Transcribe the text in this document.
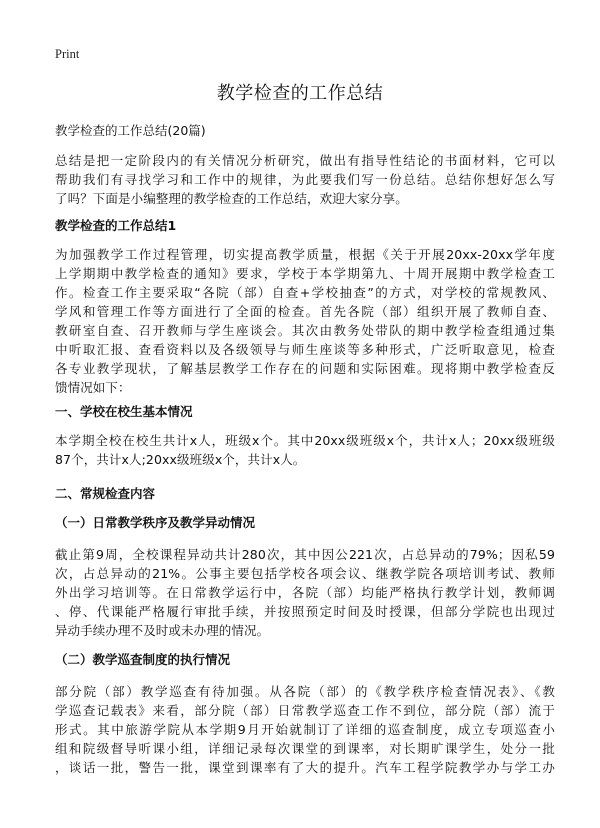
Print
教学检查的工作总结

教学检查的工作总结(20篇)

总结是把一定阶段内的有关情况分析研究，做出有指导性结论的书面材料，它可以
帮助我们有寻找学习和工作中的规律，为此要我们写一份总结。总结你想好怎么写
了吗？下面是小编整理的教学检查的工作总结，欢迎大家分享。

教学检查的工作总结1

为加强教学工作过程管理，切实提高教学质量，根据《关于开展20xx-20xx学年度
上学期期中教学检查的通知》要求，学校于本学期第九、十周开展期中教学检查工
作。检查工作主要采取“各院（部）自查+学校抽查”的方式，对学校的常规教风、
学风和管理工作等方面进行了全面的检查。首先各院（部）组织开展了教师自查、
教研室自查、召开教师与学生座谈会。其次由教务处带队的期中教学检查组通过集
中听取汇报、查看资料以及各级领导与师生座谈等多种形式，广泛听取意见，检查
各专业教学现状，了解基层教学工作存在的问题和实际困难。现将期中教学检查反
馈情况如下：

一、学校在校生基本情况

本学期全校在校生共计x人，班级x个。其中20xx级班级x个，共计x人；20xx级班级
87个，共计x人;20xx级班级x个，共计x人。

二、常规检查内容

（一）日常教学秩序及教学异动情况

截止第9周，全校课程异动共计280次，其中因公221次，占总异动的79%；因私59
次，占总异动的21%。公事主要包括学校各项会议、继教学院各项培训考试、教师
外出学习培训等。在日常教学运行中，各院（部）均能严格执行教学计划，教师调
、停、代课能严格履行审批手续，并按照预定时间及时授课，但部分学院也出现过
异动手续办理不及时或未办理的情况。

（二）教学巡查制度的执行情况

部分院（部）教学巡查有待加强。从各院（部）的《教学秩序检查情况表》、《教
学巡查记载表》来看，部分院（部）日常教学巡查工作不到位，部分院（部）流于
形式。其中旅游学院从本学期9月开始就制订了详细的巡查制度，成立专项巡查小
组和院级督导听课小组，详细记录每次课堂的到课率，对长期旷课学生，处分一批
，谈话一批，警告一批，课堂到课率有了大的提升。汽车工程学院教学办与学工办
